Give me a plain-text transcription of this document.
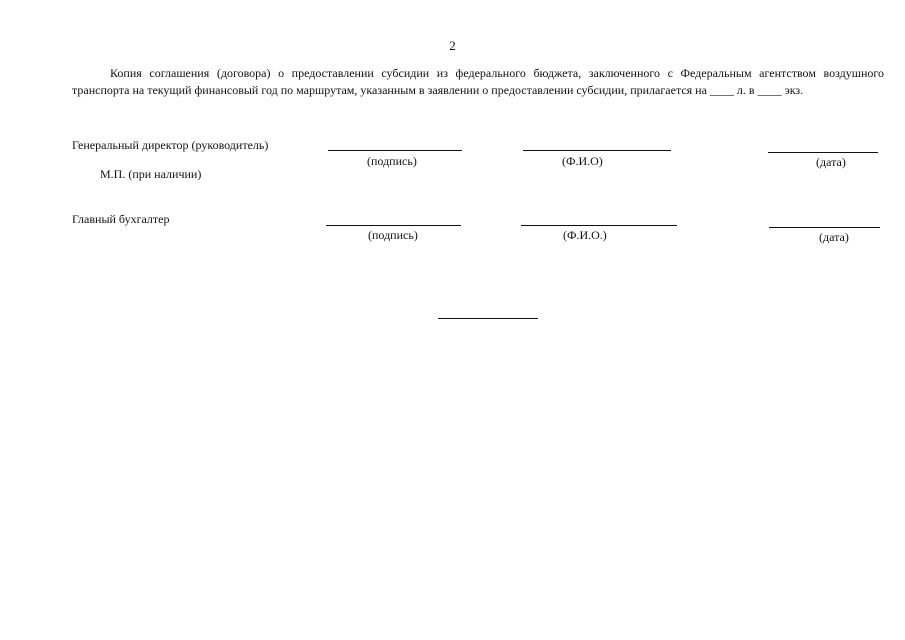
2
Копия соглашения (договора) о предоставлении субсидии из федерального бюджета, заключенного с Федеральным агентством воздушного
транспорта на текущий финансовый год по маршрутам, указанным в заявлении о предоставлении субсидии, прилагается на ____ л. в ____ экз.
Генеральный директор (руководитель)
(подпись)	(Ф.И.О)	(дата)
М.П. (при наличии)
Главный бухгалтер
(подпись)	(Ф.И.О.)	(дата)
